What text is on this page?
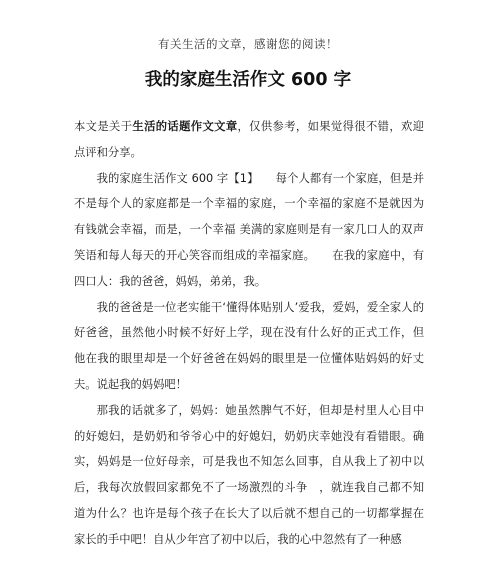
有关生活的文章，感谢您的阅读！
我的家庭生活作文 600 字

本文是关于生活的话题作文文章，仅供参考，如果觉得很不错，欢迎点评和分享。

我的家庭生活作文 600 字【1】　　每个人都有一个家庭，但是并不是每个人的家庭都是一个幸福的家庭，一个幸福的家庭不是就因为有钱就会幸福，而是，一个幸福 美满的家庭则是有一家几口人的双声笑语和每人每天的开心笑容而组成的幸福家庭。　　在我的家庭中，有四口人：我的爸爸，妈妈，弟弟，我。

我的爸爸是一位老实能干‘懂得体贴别人’爱我，爱妈，爱全家人的好爸爸，虽然他小时候不好好上学，现在没有什么好的正式工作，但他在我的眼里却是一个好爸爸在妈妈的眼里是一位懂体贴妈妈的好丈夫。说起我的妈妈吧！

那我的话就多了，妈妈：她虽然脾气不好，但却是村里人心目中的好媳妇，是奶奶和爷爷心中的好媳妇，奶奶庆幸她没有看错眼。确实，妈妈是一位好母亲，可是我也不知怎么回事，自从我上了初中以后，我每次放假回家都免不了一场激烈的斗争　，就连我自己都不知道为什么？也许是每个孩子在长大了以后就不想自己的一切都掌握在家长的手中吧！自从少年宫了初中以后，我的心中忽然有了一种感
